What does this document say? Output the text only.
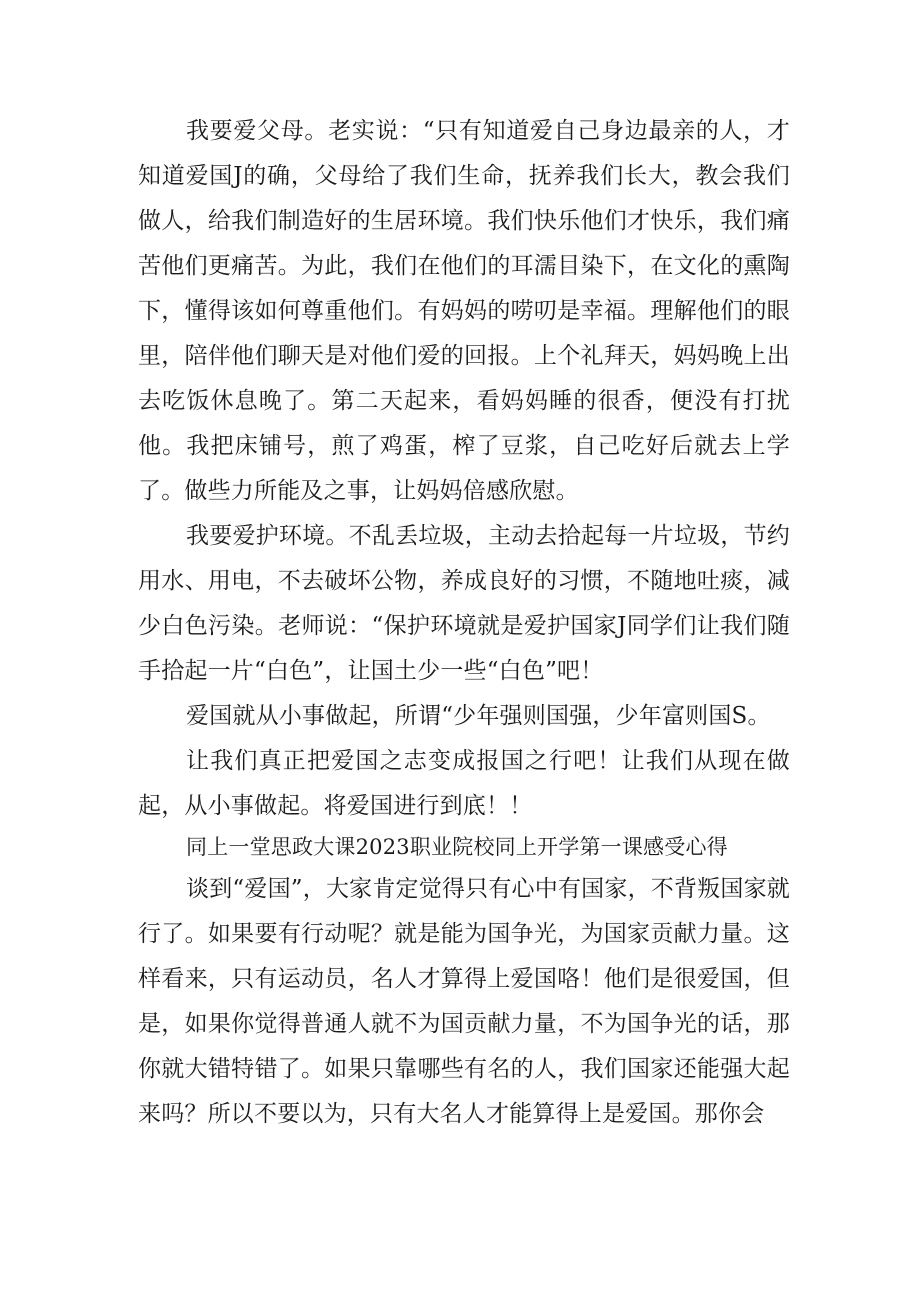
我要爱父母。老实说：“只有知道爱自己身边最亲的人，才知道爱国J的确，父母给了我们生命，抚养我们长大，教会我们做人，给我们制造好的生居环境。我们快乐他们才快乐，我们痛苦他们更痛苦。为此，我们在他们的耳濡目染下，在文化的熏陶下，懂得该如何尊重他们。有妈妈的唠叨是幸福。理解他们的眼里，陪伴他们聊天是对他们爱的回报。上个礼拜天，妈妈晚上出去吃饭休息晚了。第二天起来，看妈妈睡的很香，便没有打扰他。我把床铺号，煎了鸡蛋，榨了豆浆，自己吃好后就去上学了。做些力所能及之事，让妈妈倍感欣慰。

我要爱护环境。不乱丢垃圾，主动去拾起每一片垃圾，节约用水、用电，不去破坏公物，养成良好的习惯，不随地吐痰，减少白色污染。老师说：“保护环境就是爱护国家J同学们让我们随手拾起一片“白色”，让国土少一些“白色”吧！

爱国就从小事做起，所谓“少年强则国强，少年富则国S。

让我们真正把爱国之志变成报国之行吧！让我们从现在做起，从小事做起。将爱国进行到底！！

同上一堂思政大课2023职业院校同上开学第一课感受心得

谈到“爱国”，大家肯定觉得只有心中有国家，不背叛国家就行了。如果要有行动呢？就是能为国争光，为国家贡献力量。这样看来，只有运动员，名人才算得上爱国咯！他们是很爱国，但是，如果你觉得普通人就不为国贡献力量，不为国争光的话，那你就大错特错了。如果只靠哪些有名的人，我们国家还能强大起来吗？所以不要以为，只有大名人才能算得上是爱国。那你会
